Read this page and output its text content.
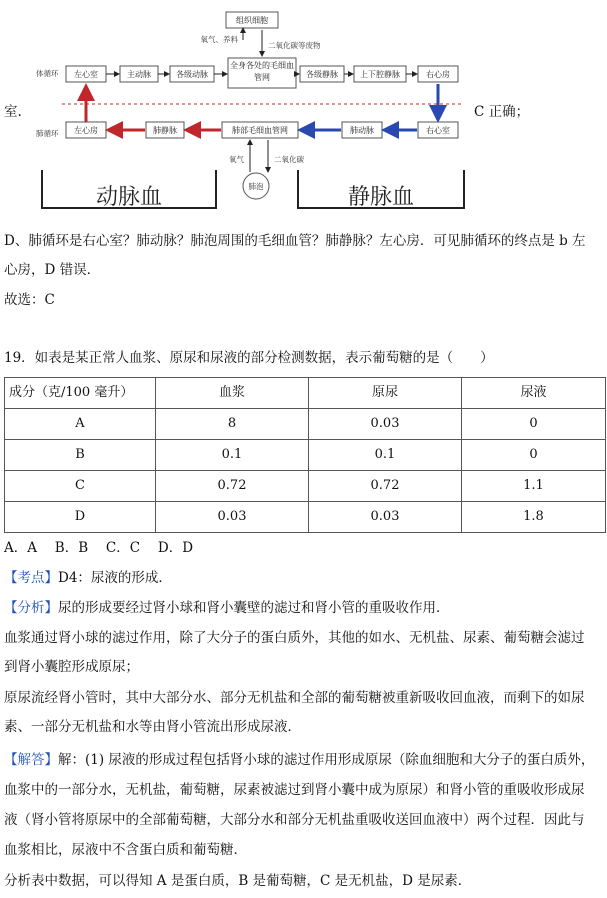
组织细胞
氧气、养料
二氧化碳等废物
体循环
肺循环
左心室	主动脉	各级动脉
全身各处的毛细血管网	各级静脉	上下腔静脉	右心房
左心房	肺静脉	肺部毛细血管网	肺动脉	右心室
氧气	二氧化碳
肺泡
动脉血	静脉血
室.	C 正确；
D、肺循环是右心室？肺动脉？肺泡周围的毛细血管？肺静脉？左心房．可见肺循环的终点是 b 左
心房，D 错误．
故选：C
19．如表是某正常人血浆、原尿和尿液的部分检测数据，表示葡萄糖的是（　　）
成分（克/100 毫升）	血浆	原尿	尿液
A	8	0.03	0
B	0.1	0.1	0
C	0.72	0.72	1.1
D	0.03	0.03	1.8
A．A　 B．B　 C．C　 D．D
【考点】D4：尿液的形成．
【分析】尿的形成要经过肾小球和肾小囊壁的滤过和肾小管的重吸收作用．
血浆通过肾小球的滤过作用，除了大分子的蛋白质外，其他的如水、无机盐、尿素、葡萄糖会滤过
到肾小囊腔形成原尿；
原尿流经肾小管时，其中大部分水、部分无机盐和全部的葡萄糖被重新吸收回血液，而剩下的如尿
素、一部分无机盐和水等由肾小管流出形成尿液．
【解答】解：(1) 尿液的形成过程包括肾小球的滤过作用形成原尿（除血细胞和大分子的蛋白质外，
血浆中的一部分水，无机盐，葡萄糖，尿素被滤过到肾小囊中成为原尿）和肾小管的重吸收形成尿
液（肾小管将原尿中的全部葡萄糖，大部分水和部分无机盐重吸收送回血液中）两个过程．因此与
血浆相比，尿液中不含蛋白质和葡萄糖．
分析表中数据，可以得知 A 是蛋白质，B 是葡萄糖，C 是无机盐，D 是尿素．
